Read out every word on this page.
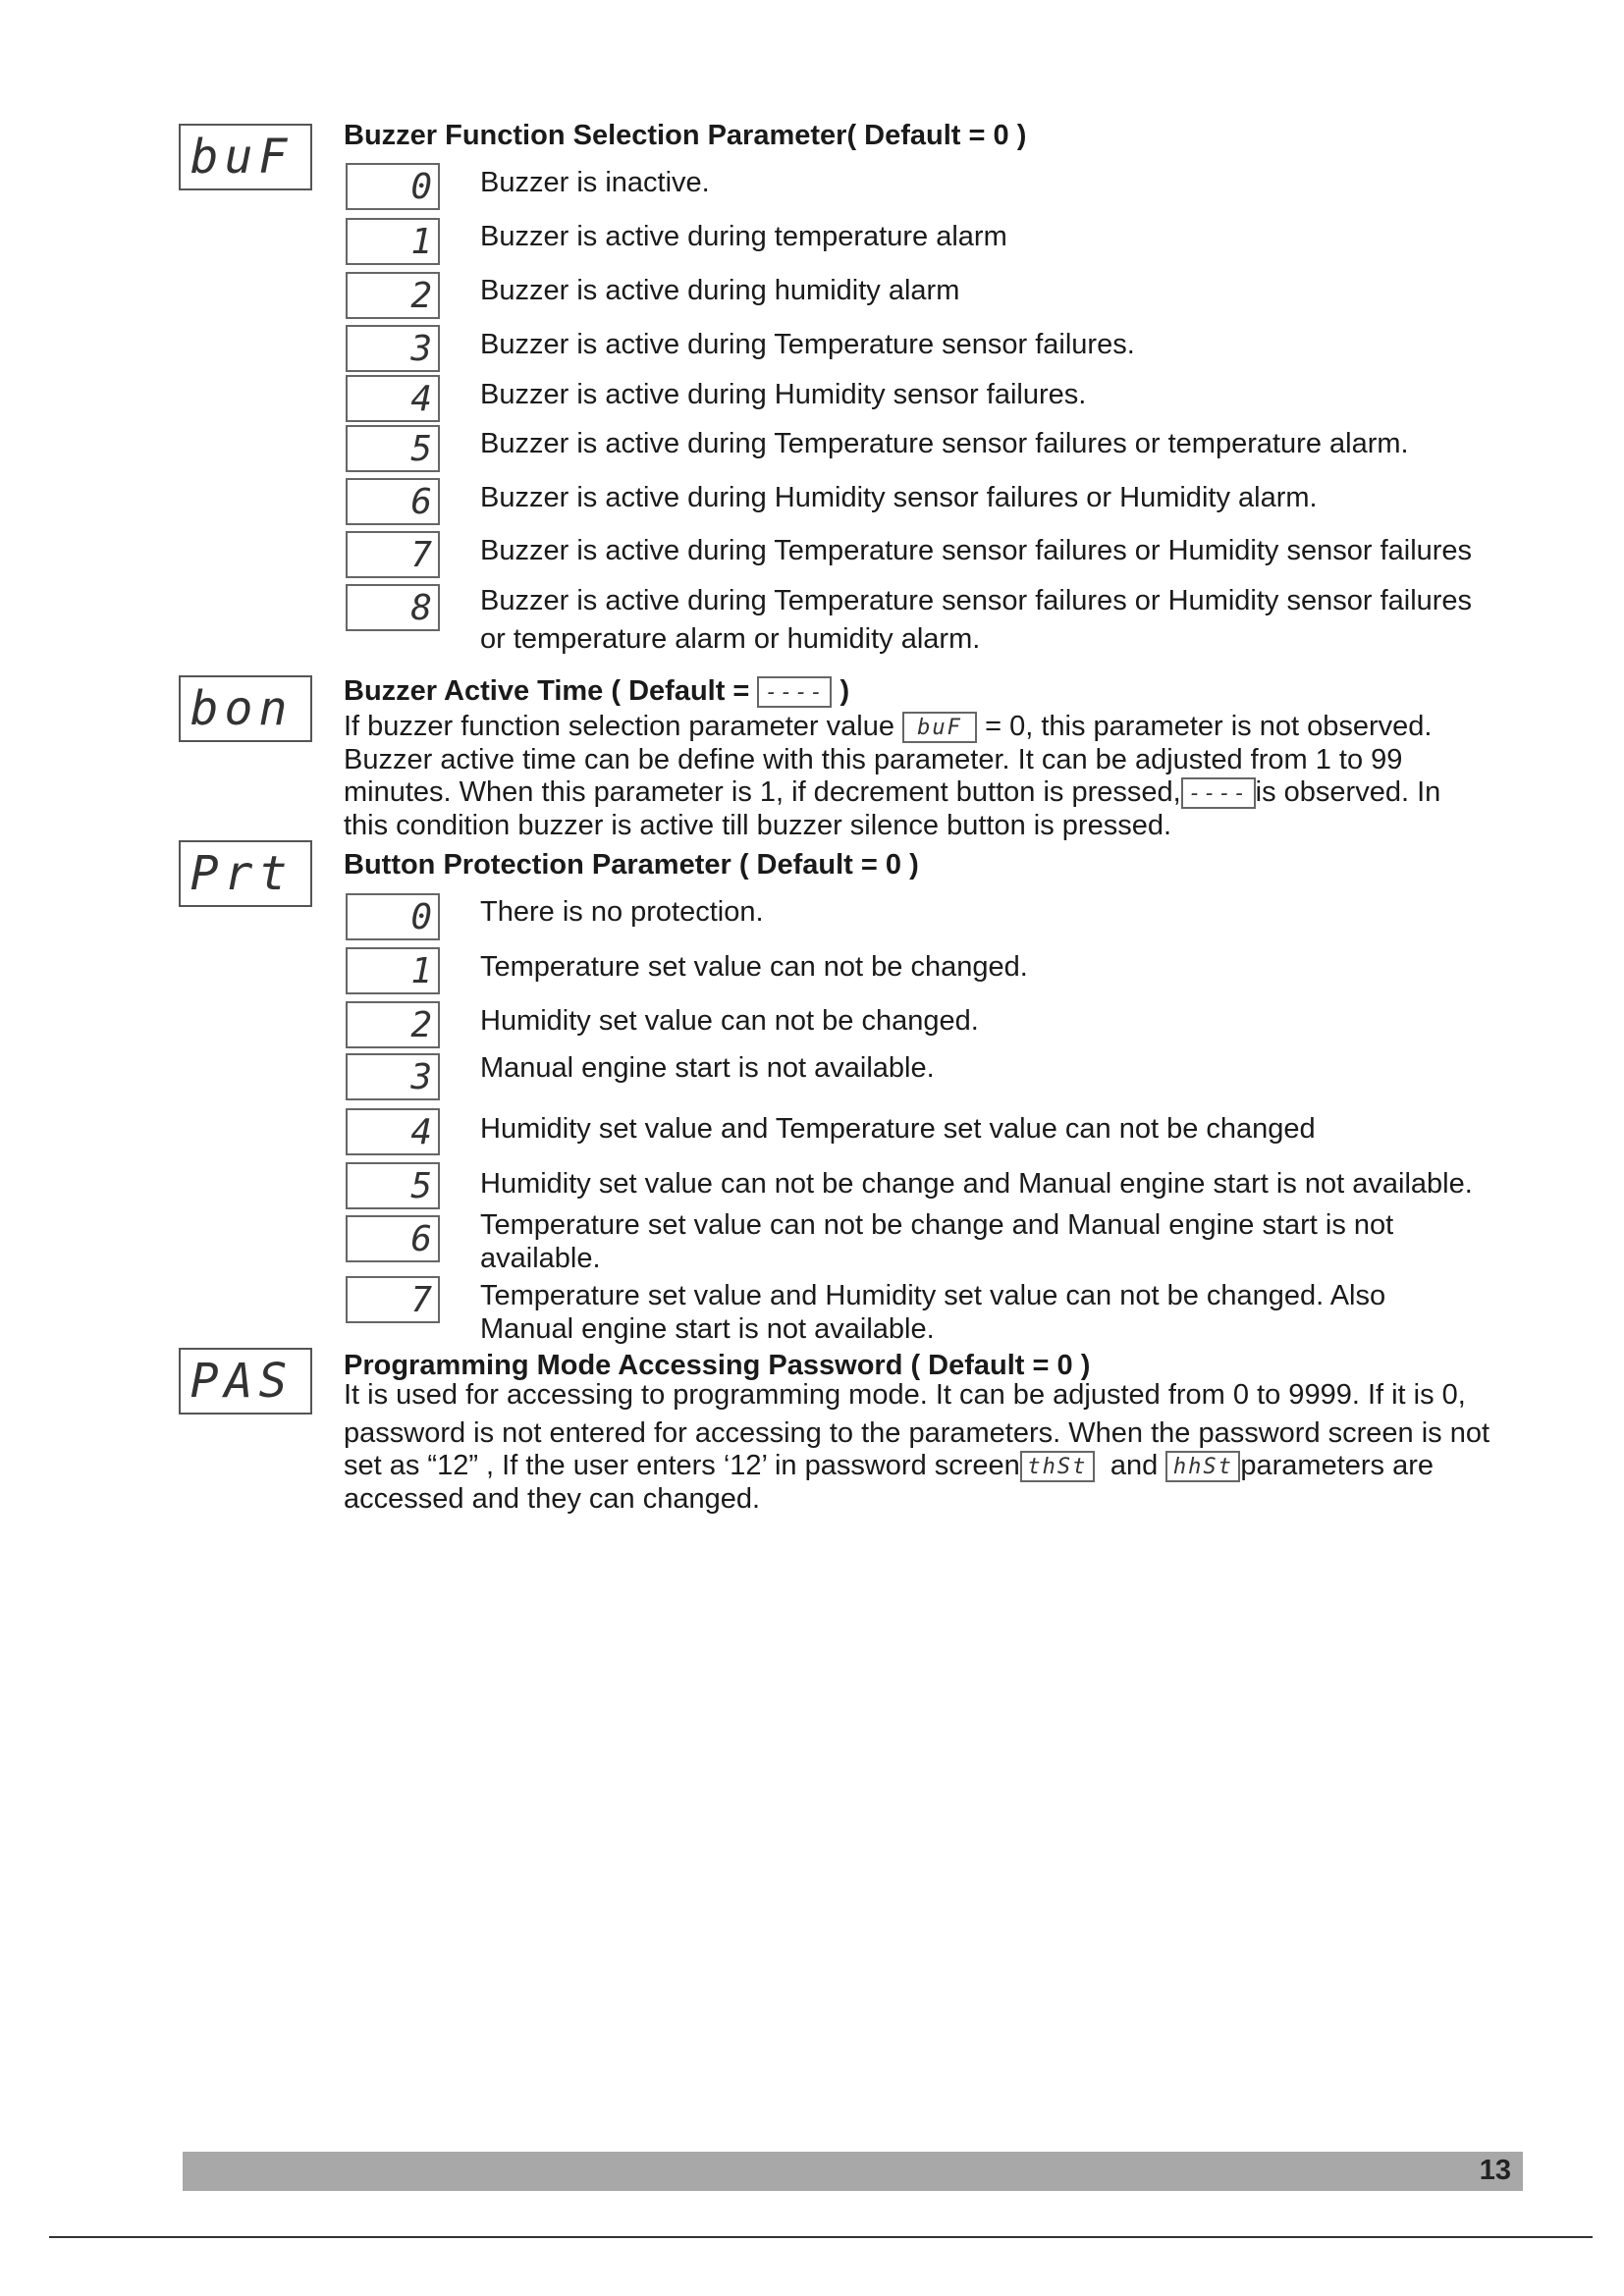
buF	Buzzer Function Selection Parameter( Default = 0 )
0 Buzzer is inactive.
1 Buzzer is active during temperature alarm
2 Buzzer is active during humidity alarm
3 Buzzer is active during Temperature sensor failures.
4 Buzzer is active during Humidity sensor failures.
5 Buzzer is active during Temperature sensor failures or temperature alarm.
6 Buzzer is active during Humidity sensor failures or Humidity alarm.
7 Buzzer is active during Temperature sensor failures or Humidity sensor failures
8 Buzzer is active during Temperature sensor failures or Humidity sensor failures
or temperature alarm or humidity alarm.
bon	Buzzer Active Time ( Default = ---- )
If buzzer function selection parameter value buF = 0, this parameter is not observed.
Buzzer active time can be define with this parameter. It can be adjusted from 1 to 99
minutes. When this parameter is 1, if decrement button is pressed, ---- is observed. In
this condition buzzer is active till buzzer silence button is pressed.
Prt	Button Protection Parameter ( Default = 0 )
0 There is no protection.
1 Temperature set value can not be changed.
2 Humidity set value can not be changed.
3 Manual engine start is not available.
4 Humidity set value and Temperature set value can not be changed
5 Humidity set value can not be change and Manual engine start is not available.
6 Temperature set value can not be change and Manual engine start is not
available.
7 Temperature set value and Humidity set value can not be changed. Also
Manual engine start is not available.
PAS	Programming Mode Accessing Password ( Default = 0 )
It is used for accessing to programming mode. It can be adjusted from 0 to 9999. If it is 0,
password is not entered for accessing to the parameters. When the password screen is not
set as “12” , If the user enters ‘12’ in password screen thSt  and hhSt parameters are
accessed and they can changed.
13
